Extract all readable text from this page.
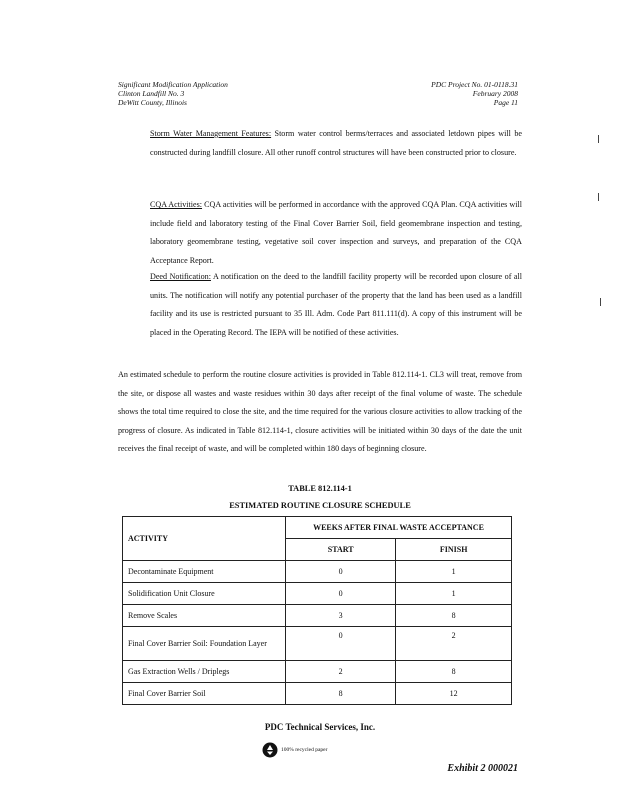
Significant Modification Application
Clinton Landfill No. 3
DeWitt County, Illinois
PDC Project No. 01-0118.31
February 2008
Page 11
Storm Water Management Features: Storm water control berms/terraces and associated letdown pipes will be constructed during landfill closure. All other runoff control structures will have been constructed prior to closure.
CQA Activities: CQA activities will be performed in accordance with the approved CQA Plan. CQA activities will include field and laboratory testing of the Final Cover Barrier Soil, field geomembrane inspection and testing, laboratory geomembrane testing, vegetative soil cover inspection and surveys, and preparation of the CQA Acceptance Report.
Deed Notification: A notification on the deed to the landfill facility property will be recorded upon closure of all units. The notification will notify any potential purchaser of the property that the land has been used as a landfill facility and its use is restricted pursuant to 35 Ill. Adm. Code Part 811.111(d). A copy of this instrument will be placed in the Operating Record. The IEPA will be notified of these activities.
An estimated schedule to perform the routine closure activities is provided in Table 812.114-1. CL3 will treat, remove from the site, or dispose all wastes and waste residues within 30 days after receipt of the final volume of waste. The schedule shows the total time required to close the site, and the time required for the various closure activities to allow tracking of the progress of closure. As indicated in Table 812.114-1, closure activities will be initiated within 30 days of the date the unit receives the final receipt of waste, and will be completed within 180 days of beginning closure.
TABLE 812.114-1
ESTIMATED ROUTINE CLOSURE SCHEDULE
ACTIVITY	WEEKS AFTER FINAL WASTE ACCEPTANCE	
	START	FINISH
Decontaminate Equipment	0	1
Solidification Unit Closure	0	1
Remove Scales	3	8
Final Cover Barrier Soil: Foundation Layer	0	2
Gas Extraction Wells / Driplegs	2	8
Final Cover Barrier Soil	8	12
PDC Technical Services, Inc.
100% recycled paper
Exhibit 2 000021
